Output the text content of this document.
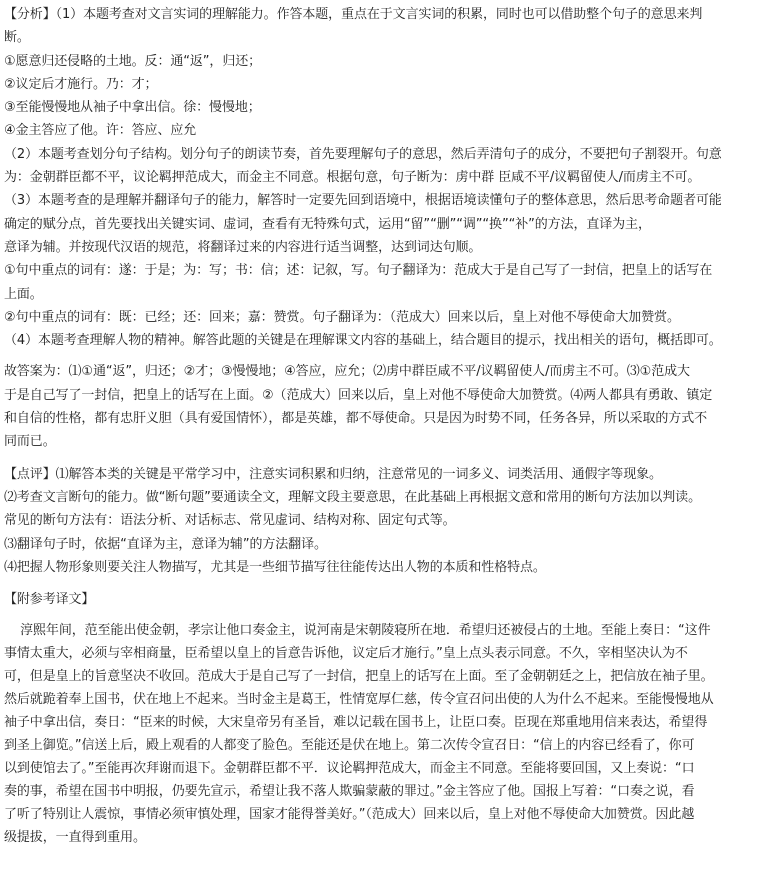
【分析】（1）本题考查对文言实词的理解能力。作答本题，重点在于文言实词的积累，同时也可以借助整个句子的意思来判
断。
①愿意归还侵略的土地。反：通“返”，归还；
②议定后才施行。乃：才；
③至能慢慢地从袖子中拿出信。徐：慢慢地；
④金主答应了他。许：答应、应允
（2）本题考查划分句子结构。划分句子的朗读节奏，首先要理解句子的意思，然后弄清句子的成分，不要把句子割裂开。句意
为：金朝群臣都不平，议论羁押范成大，而金主不同意。根据句意，句子断为：虏中群 臣咸不平/议羁留使人/而虏主不可。
（3）本题考查的是理解并翻译句子的能力，解答时一定要先回到语境中，根据语境读懂句子的整体意思，然后思考命题者可能
确定的赋分点，首先要找出关键实词、虚词，查看有无特殊句式，运用“留”“删”“调”“换”“补”的方法，直译为主，
意译为辅。并按现代汉语的规范，将翻译过来的内容进行适当调整，达到词达句顺。
①句中重点的词有：遂：于是；为：写；书：信；述：记叙，写。句子翻译为：范成大于是自己写了一封信，把皇上的话写在
上面。
②句中重点的词有：既：已经；还：回来；嘉：赞赏。句子翻译为：（范成大）回来以后，皇上对他不辱使命大加赞赏。
（4）本题考查理解人物的精神。解答此题的关键是在理解课文内容的基础上，结合题目的提示，找出相关的语句，概括即可。
故答案为：⑴①通“返”，归还；②才；③慢慢地；④答应，应允；⑵虏中群臣咸不平/议羁留使人/而虏主不可。⑶①范成大
于是自己写了一封信，把皇上的话写在上面。②（范成大）回来以后，皇上对他不辱使命大加赞赏。⑷两人都具有勇敢、镇定
和自信的性格，都有忠肝义胆（具有爱国情怀），都是英雄，都不辱使命。只是因为时势不同，任务各异，所以采取的方式不
同而已。
【点评】⑴解答本类的关键是平常学习中，注意实词积累和归纳，注意常见的一词多义、词类活用、通假字等现象。
⑵考查文言断句的能力。做“断句题”要通读全文，理解文段主要意思，在此基础上再根据文意和常用的断句方法加以判读。
常见的断句方法有：语法分析、对话标志、常见虚词、结构对称、固定句式等。
⑶翻译句子时，依据“直译为主，意译为辅”的方法翻译。
⑷把握人物形象则要关注人物描写，尤其是一些细节描写往往能传达出人物的本质和性格特点。
【附参考译文】
淳熙年间，范至能出使金朝，孝宗让他口奏金主，说河南是宋朝陵寝所在地．希望归还被侵占的土地。至能上奏日：“这件
事情太重大，必须与宰相商量，臣希望以皇上的旨意告诉他，议定后才施行。”皇上点头表示同意。不久，宰相坚决认为不
可，但是皇上的旨意坚决不收回。范成大于是自己写了一封信，把皇上的话写在上面。至了金朝朝廷之上，把信放在袖子里。
然后就跪着奉上国书，伏在地上不起来。当时金主是葛王，性情宽厚仁慈，传令宣召问出使的人为什么不起来。至能慢慢地从
袖子中拿出信，奏日：“臣来的时候，大宋皇帝另有圣旨，难以记载在国书上，让臣口奏。臣现在郑重地用信来表达，希望得
到圣上御览。”信送上后，殿上观看的人都变了脸色。至能还是伏在地上。第二次传令宣召日：“信上的内容已经看了，你可
以到使馆去了。”至能再次拜谢而退下。金朝群臣都不平．议论羁押范成大，而金主不同意。至能将要回国，又上奏说：“口
奏的事，希望在国书中明报，仍要先宣示，希望让我不落人欺骗蒙蔽的罪过。”金主答应了他。国报上写着：“口奏之说，看
了听了特别让人震惊，事情必须审慎处理，国家才能得誉美好。”（范成大）回来以后，皇上对他不辱使命大加赞赏。因此越
级提拔，一直得到重用。
